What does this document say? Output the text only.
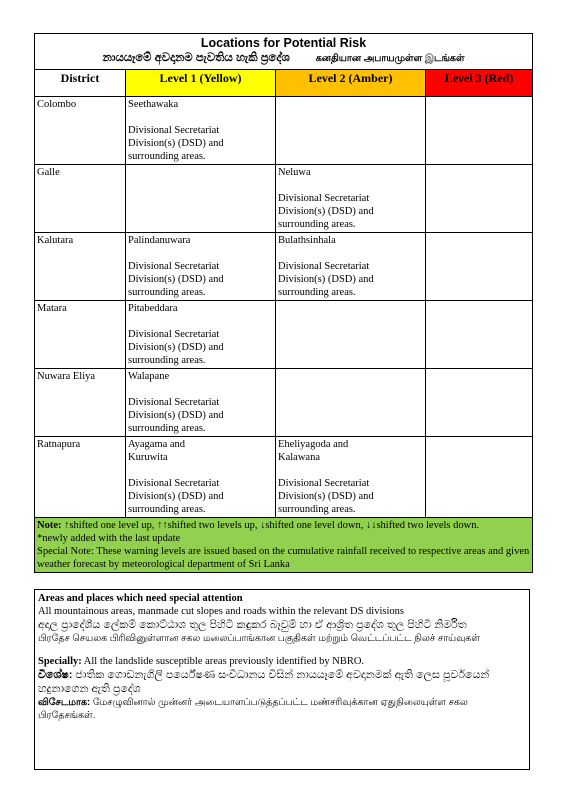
Locations for Potential Risk
නායයෑමේ අවදානම පැවතිය හැකි ප්‍රදේශ கனதியான அபாயமுள்ள இடங்கள்			

District	Level 1 (Yellow)	Level 2 (Amber)	Level 3 (Red)
Colombo	Seethawaka
Divisional Secretariat
Division(s) (DSD) and
surrounding areas.		

Galle		Neluwa
Divisional Secretariat
Division(s) (DSD) and
surrounding areas.	

Kalutara	Palindanuwara
Divisional Secretariat
Division(s) (DSD) and
surrounding areas.	Bulathsinhala
Divisional Secretariat
Division(s) (DSD) and
surrounding areas.	

Matara	Pitabeddara
Divisional Secretariat
Division(s) (DSD) and
surrounding areas.		

Nuwara Eliya	Walapane
Divisional Secretariat
Division(s) (DSD) and
surrounding areas.		

Ratnapura	Ayagama and
Kuruwita
Divisional Secretariat
Division(s) (DSD) and
surrounding areas.	Eheliyagoda and
Kalawana
Divisional Secretariat
Division(s) (DSD) and
surrounding areas.	

Note: ↑shifted one level up, ↑↑shifted two levels up, ↓shifted one level down, ↓↓shifted two levels down.
*newly added with the last update
Special Note: These warning levels are issued based on the cumulative rainfall received to respective areas and given weather forecast by meteorological department of Sri Lanka			
Areas and places which need special attention
All mountainous areas, manmade cut slopes and roads within the relevant DS divisions
අදාල ප්‍රාදේශීය ලේකම් කොට්ඨාශ තුල පිහිටි කඳුකර බෑවුම් හා ඒ ආශ්‍රිත ප්‍රදේශ තුල පිහිටි නිර්මිත
பிரதேச செயலக பிரிவினுள்ளான சகல மலைப்பாங்கான பகுதிகள் மற்றும் வெட்டப்பட்ட நிலச் சாய்வுகள்
Specially: All the landslide susceptible areas previously identified by NBRO.
විශේෂ: ජාතික ගොඩනැගිලි පර්යේෂණ සංවිධානය විසින් නායයෑමේ අවදානමක් ඇති ලෙස පූර්වයෙන් හදුනාගෙන ඇති ප්‍රදේශ
விசேடமாக: மேசழுவினால் முன்னர் அடையாளப்படுத்தப்பட்ட மண்சரிவுக்கான ஏதுநிலையுள்ள சகல பிரதேசங்கள்.
